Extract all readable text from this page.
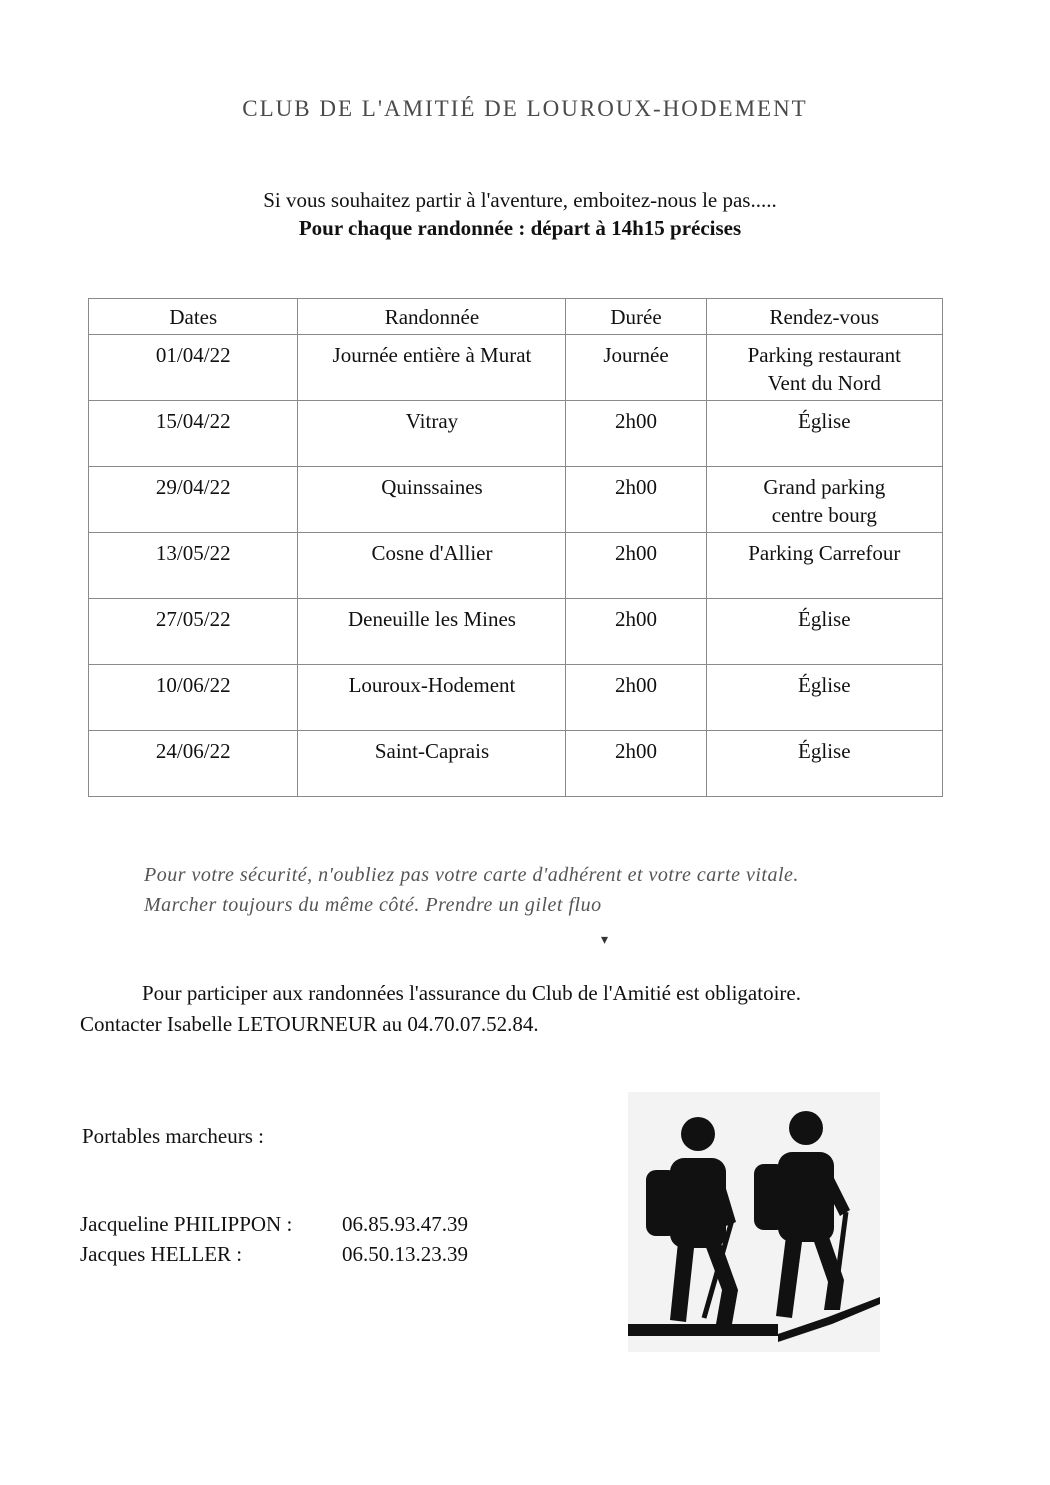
CLUB DE L'AMITIÉ DE LOUROUX-HODEMENT
Si vous souhaitez partir à l'aventure, emboitez-nous le pas.....
Pour chaque randonnée : départ à 14h15 précises
Dates	Randonnée	Durée	Rendez-vous
01/04/22	Journée entière à Murat	Journée	Parking restaurant
Vent du Nord
15/04/22	Vitray	2h00	Église
29/04/22	Quinssaines	2h00	Grand parking
centre bourg
13/05/22	Cosne d'Allier	2h00	Parking Carrefour
27/05/22	Deneuille les Mines	2h00	Église
10/06/22	Louroux-Hodement	2h00	Église
24/06/22	Saint-Caprais	2h00	Église
Pour votre sécurité, n'oubliez pas votre carte d'adhérent et votre carte vitale.
Marcher toujours du même côté. Prendre un gilet fluo
▾
Pour participer aux randonnées l'assurance du Club de l'Amitié est obligatoire.
Contacter Isabelle LETOURNEUR au 04.70.07.52.84.
Portables marcheurs :
Jacqueline PHILIPPON :	06.85.93.47.39
Jacques HELLER :	06.50.13.23.39
